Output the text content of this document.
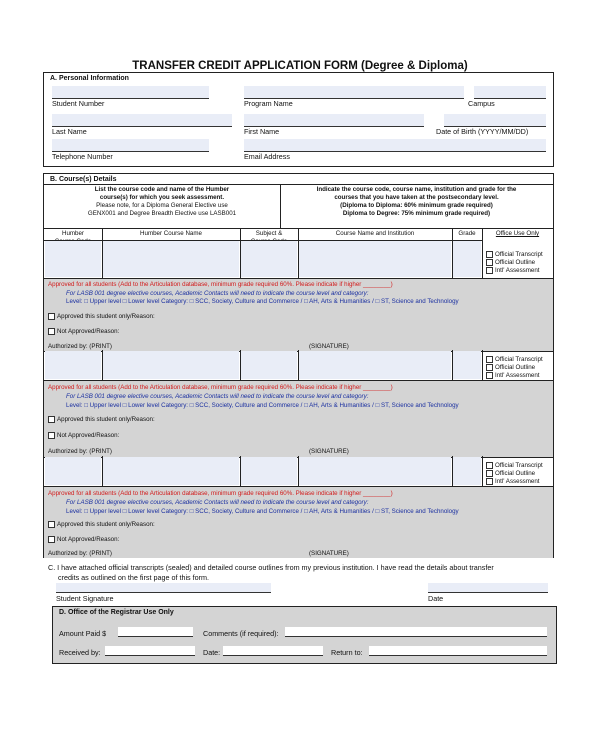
TRANSFER CREDIT APPLICATION FORM (Degree & Diploma)
A. Personal Information
Student Number	Program Name	Campus
Last Name	First Name	Date of Birth (YYYY/MM/DD)
Telephone Number	Email Address
B. Course(s) Details
List the course code and name of the Humber
course(s) for which you seek assessment.
Please note, for a Diploma General Elective use
GENX001 and Degree Breadth Elective use LASB001
Indicate the course code, course name, institution and grade for the
courses that you have taken at the postsecondary level.
(Diploma to Diploma: 60% minimum grade required)
Diploma to Degree: 75% minimum grade required)
Humber	Humber Course Name	Subject &	Course Name and Institution	Grade	Office Use Only
Official Transcript
Official Outline
Intl' Assessment
Approved for all students (Add to the Articulation database, minimum grade required 60%. Please indicate if higher ________)
For LASB 001 degree elective courses, Academic Contacts will need to indicate the course level and category:
Level: □ Upper level □ Lower level Category: □ SCC, Society, Culture and Commerce / □ AH, Arts & Humanities / □ ST, Science and Technology
Approved this student only/Reason:
Not Approved/Reason:
Authorized by: (PRINT)	(SIGNATURE)
Official Transcript
Official Outline
Intl' Assessment
Approved for all students (Add to the Articulation database, minimum grade required 60%. Please indicate if higher ________)
For LASB 001 degree elective courses, Academic Contacts will need to indicate the course level and category:
Level: □ Upper level □ Lower level Category: □ SCC, Society, Culture and Commerce / □ AH, Arts & Humanities / □ ST, Science and Technology
Approved this student only/Reason:
Not Approved/Reason:
Authorized by: (PRINT)	(SIGNATURE)
Official Transcript
Official Outline
Intl' Assessment
Approved for all students (Add to the Articulation database, minimum grade required 60%. Please indicate if higher ________)
For LASB 001 degree elective courses, Academic Contacts will need to indicate the course level and category:
Level: □ Upper level □ Lower level Category: □ SCC, Society, Culture and Commerce / □ AH, Arts & Humanities / □ ST, Science and Technology
Approved this student only/Reason:
Not Approved/Reason:
Authorized by: (PRINT)	(SIGNATURE)
C. I have attached official transcripts (sealed) and detailed course outlines from my previous institution. I have read the details about transfer
credits as outlined on the first page of this form.
Student Signature	Date
D. Office of the Registrar Use Only
Amount Paid $	Comments (if required):
Received by:	Date:	Return to:
